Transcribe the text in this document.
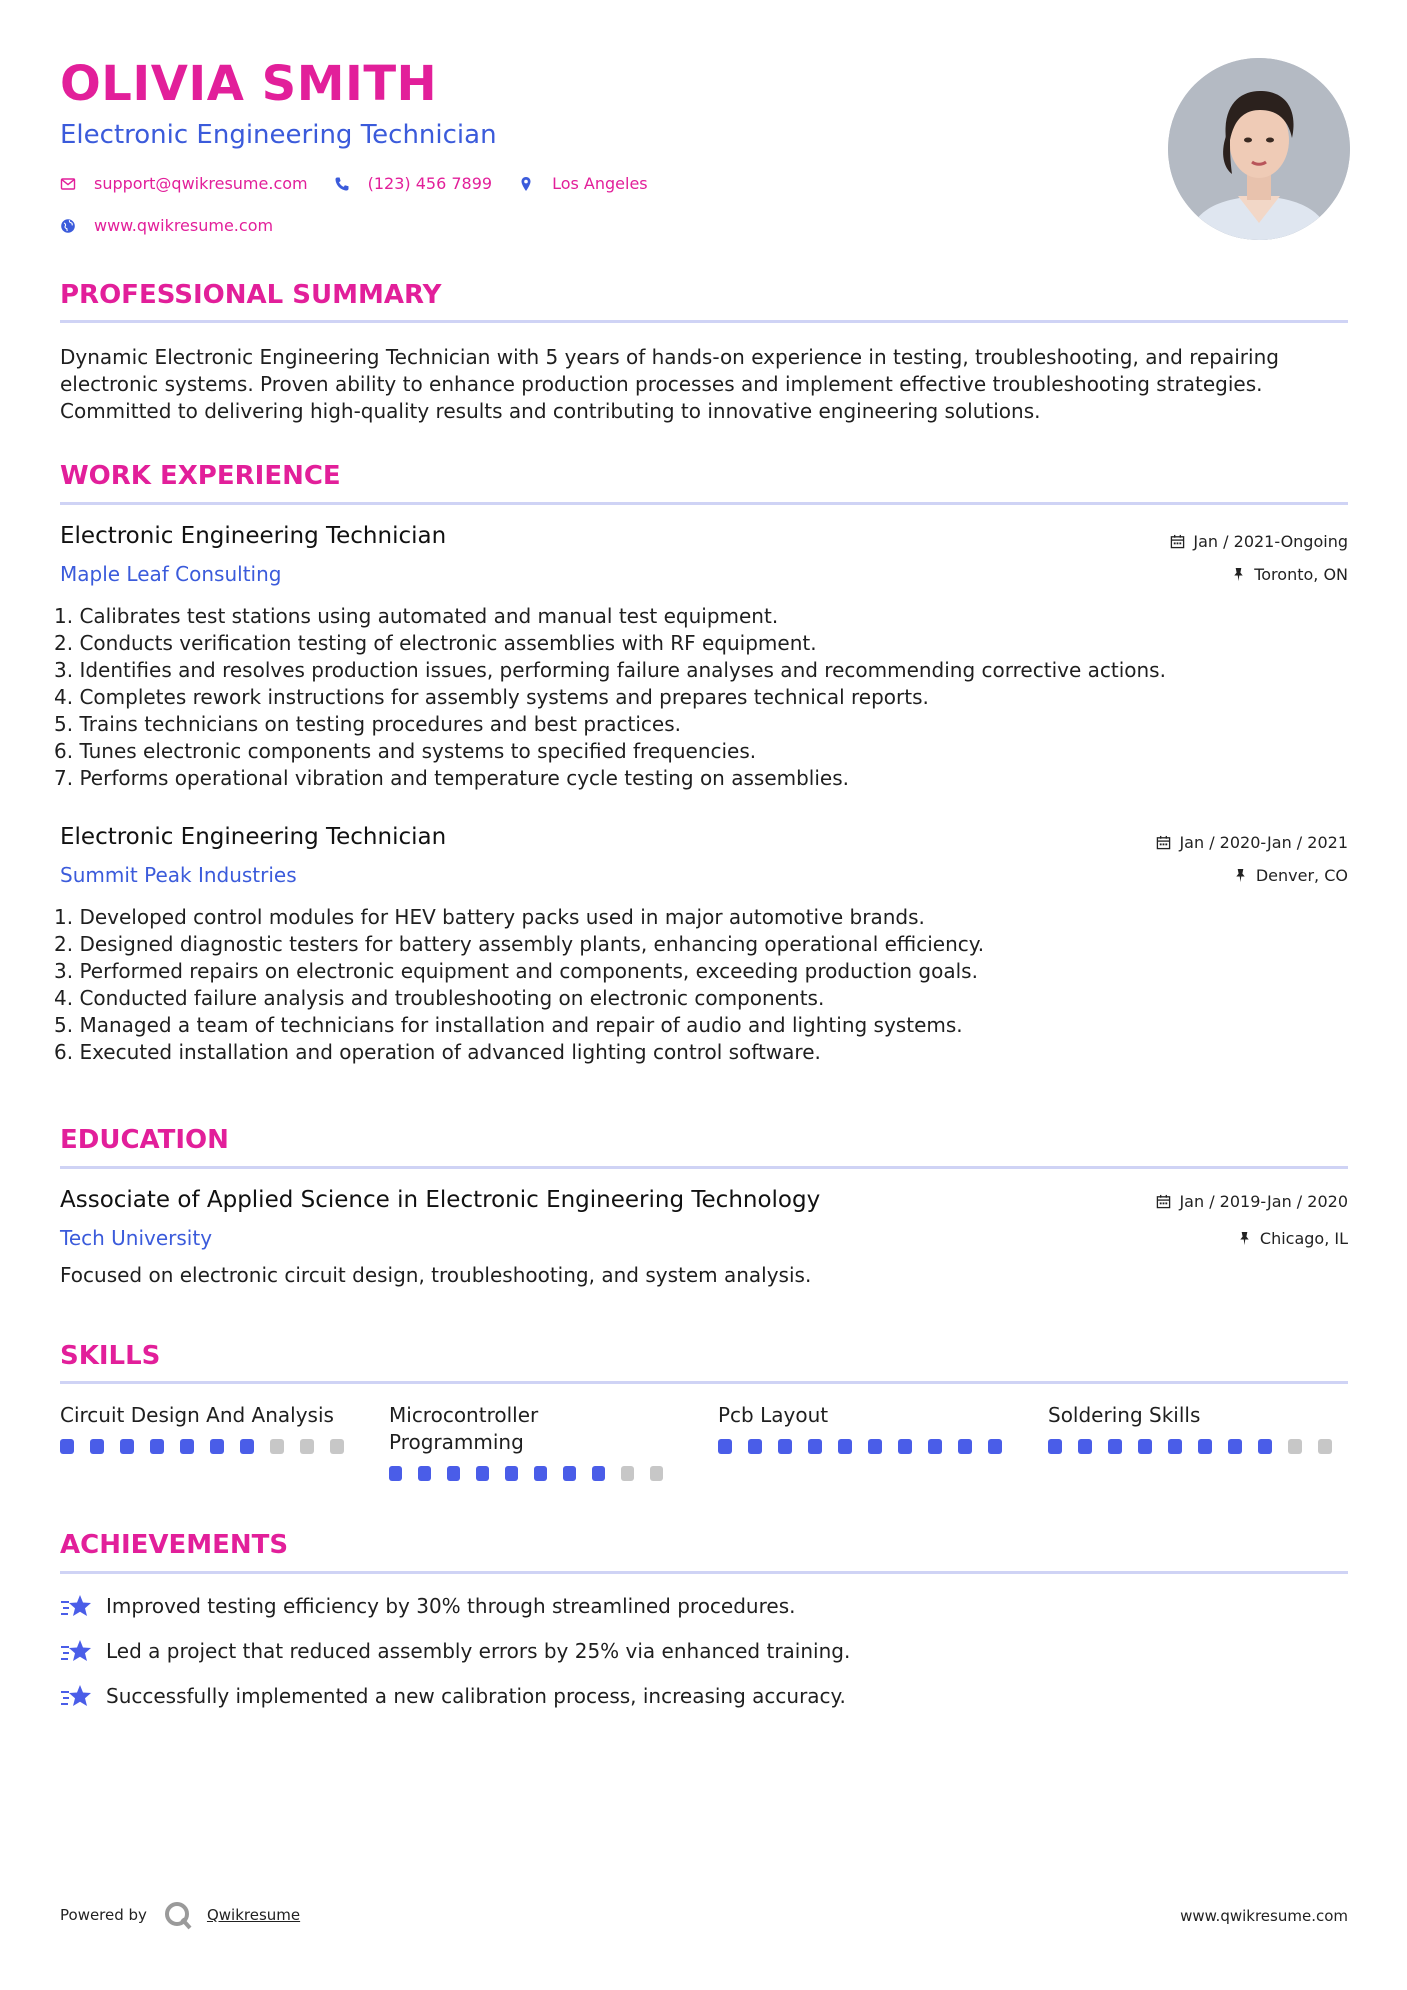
OLIVIA SMITH
Electronic Engineering Technician
support@qwikresume.com	(123) 456 7899	Los Angeles
www.qwikresume.com
PROFESSIONAL SUMMARY
Dynamic Electronic Engineering Technician with 5 years of hands-on experience in testing, troubleshooting, and repairing electronic systems. Proven ability to enhance production processes and implement effective troubleshooting strategies. Committed to delivering high-quality results and contributing to innovative engineering solutions.
WORK EXPERIENCE
Electronic Engineering Technician
Maple Leaf Consulting
Jan / 2021-Ongoing
Toronto, ON
1. Calibrates test stations using automated and manual test equipment.
2. Conducts verification testing of electronic assemblies with RF equipment.
3. Identifies and resolves production issues, performing failure analyses and recommending corrective actions.
4. Completes rework instructions for assembly systems and prepares technical reports.
5. Trains technicians on testing procedures and best practices.
6. Tunes electronic components and systems to specified frequencies.
7. Performs operational vibration and temperature cycle testing on assemblies.
Electronic Engineering Technician
Summit Peak Industries
Jan / 2020-Jan / 2021
Denver, CO
1. Developed control modules for HEV battery packs used in major automotive brands.
2. Designed diagnostic testers for battery assembly plants, enhancing operational efficiency.
3. Performed repairs on electronic equipment and components, exceeding production goals.
4. Conducted failure analysis and troubleshooting on electronic components.
5. Managed a team of technicians for installation and repair of audio and lighting systems.
6. Executed installation and operation of advanced lighting control software.
EDUCATION
Associate of Applied Science in Electronic Engineering Technology
Tech University
Jan / 2019-Jan / 2020
Chicago, IL
Focused on electronic circuit design, troubleshooting, and system analysis.
SKILLS
Circuit Design And Analysis	Microcontroller Programming
Pcb Layout	Soldering Skills
ACHIEVEMENTS
Improved testing efficiency by 30% through streamlined procedures.
Led a project that reduced assembly errors by 25% via enhanced training.
Successfully implemented a new calibration process, increasing accuracy.
Powered by	Qwikresume	www.qwikresume.com
